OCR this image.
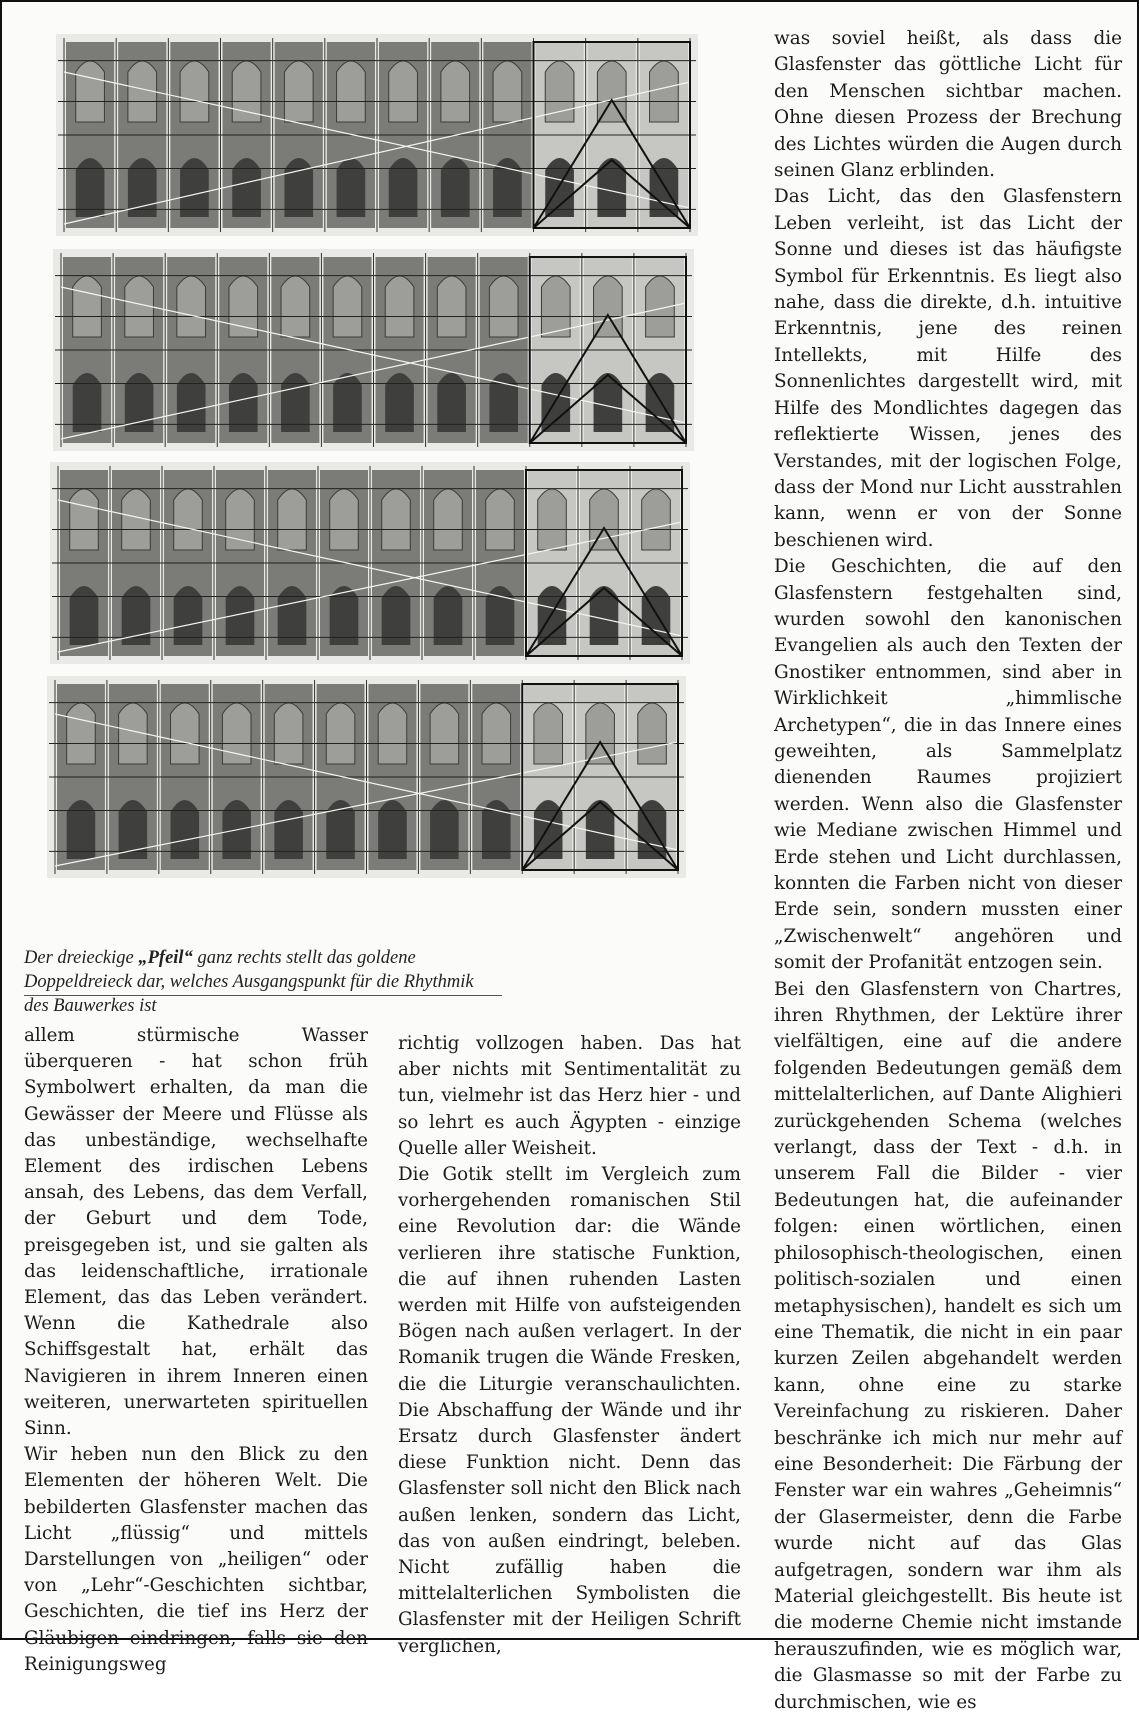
Der dreieckige „Pfeil“ ganz rechts stellt das goldene Doppeldreieck dar, welches Ausgangspunkt für die Rhythmik des Bauwerkes ist

allem stürmische Wasser überqueren - hat schon früh Symbolwert erhalten, da man die Gewässer der Meere und Flüsse als das unbeständige, wechselhafte Element des irdischen Lebens ansah, des Lebens, das dem Verfall, der Geburt und dem Tode, preisgegeben ist, und sie galten als das leidenschaftliche, irrationale Element, das das Leben verändert. Wenn die Kathedrale also Schiffsgestalt hat, erhält das Navigieren in ihrem Inneren einen weiteren, unerwarteten spirituellen Sinn.

Wir heben nun den Blick zu den Elementen der höheren Welt. Die bebilderten Glasfenster machen das Licht „flüssig“ und mittels Darstellungen von „heiligen“ oder von „Lehr“-Geschichten sichtbar, Geschichten, die tief ins Herz der Gläubigen eindringen, falls sie den Reinigungsweg

richtig vollzogen haben. Das hat aber nichts mit Sentimentalität zu tun, vielmehr ist das Herz hier - und so lehrt es auch Ägypten - einzige Quelle aller Weisheit.

Die Gotik stellt im Vergleich zum vorhergehenden romanischen Stil eine Revolution dar: die Wände verlieren ihre statische Funktion, die auf ihnen ruhenden Lasten werden mit Hilfe von aufsteigenden Bögen nach außen verlagert. In der Romanik trugen die Wände Fresken, die die Liturgie veranschaulichten. Die Abschaffung der Wände und ihr Ersatz durch Glasfenster ändert diese Funktion nicht. Denn das Glasfenster soll nicht den Blick nach außen lenken, sondern das Licht, das von außen eindringt, beleben. Nicht zufällig haben die mittelalterlichen Symbolisten die Glasfenster mit der Heiligen Schrift verglichen,

was soviel heißt, als dass die Glasfenster das göttliche Licht für den Menschen sichtbar machen. Ohne diesen Prozess der Brechung des Lichtes würden die Augen durch seinen Glanz erblinden.

Das Licht, das den Glasfenstern Leben verleiht, ist das Licht der Sonne und dieses ist das häufigste Symbol für Erkenntnis. Es liegt also nahe, dass die direkte, d.h. intuitive Erkenntnis, jene des reinen Intellekts, mit Hilfe des Sonnenlichtes dargestellt wird, mit Hilfe des Mondlichtes dagegen das reflektierte Wissen, jenes des Verstandes, mit der logischen Folge, dass der Mond nur Licht ausstrahlen kann, wenn er von der Sonne beschienen wird.

Die Geschichten, die auf den Glasfenstern festgehalten sind, wurden sowohl den kanonischen Evangelien als auch den Texten der Gnostiker entnommen, sind aber in Wirklichkeit „himmlische Archetypen“, die in das Innere eines geweihten, als Sammelplatz dienenden Raumes projiziert werden. Wenn also die Glasfenster wie Mediane zwischen Himmel und Erde stehen und Licht durchlassen, konnten die Farben nicht von dieser Erde sein, sondern mussten einer „Zwischenwelt“ angehören und somit der Profanität entzogen sein.

Bei den Glasfenstern von Chartres, ihren Rhythmen, der Lektüre ihrer vielfältigen, eine auf die andere folgenden Bedeutungen gemäß dem mittelalterlichen, auf Dante Alighieri zurückgehenden Schema (welches verlangt, dass der Text - d.h. in unserem Fall die Bilder - vier Bedeutungen hat, die aufeinander folgen: einen wörtlichen, einen philosophisch-theologischen, einen politisch-sozialen und einen metaphysischen), handelt es sich um eine Thematik, die nicht in ein paar kurzen Zeilen abgehandelt werden kann, ohne eine zu starke Vereinfachung zu riskieren. Daher beschränke ich mich nur mehr auf eine Besonderheit: Die Färbung der Fenster war ein wahres „Geheimnis“ der Glasermeister, denn die Farbe wurde nicht auf das Glas aufgetragen, sondern war ihm als Material gleichgestellt. Bis heute ist die moderne Chemie nicht imstande herauszufinden, wie es möglich war, die Glasmasse so mit der Farbe zu durchmischen, wie es
